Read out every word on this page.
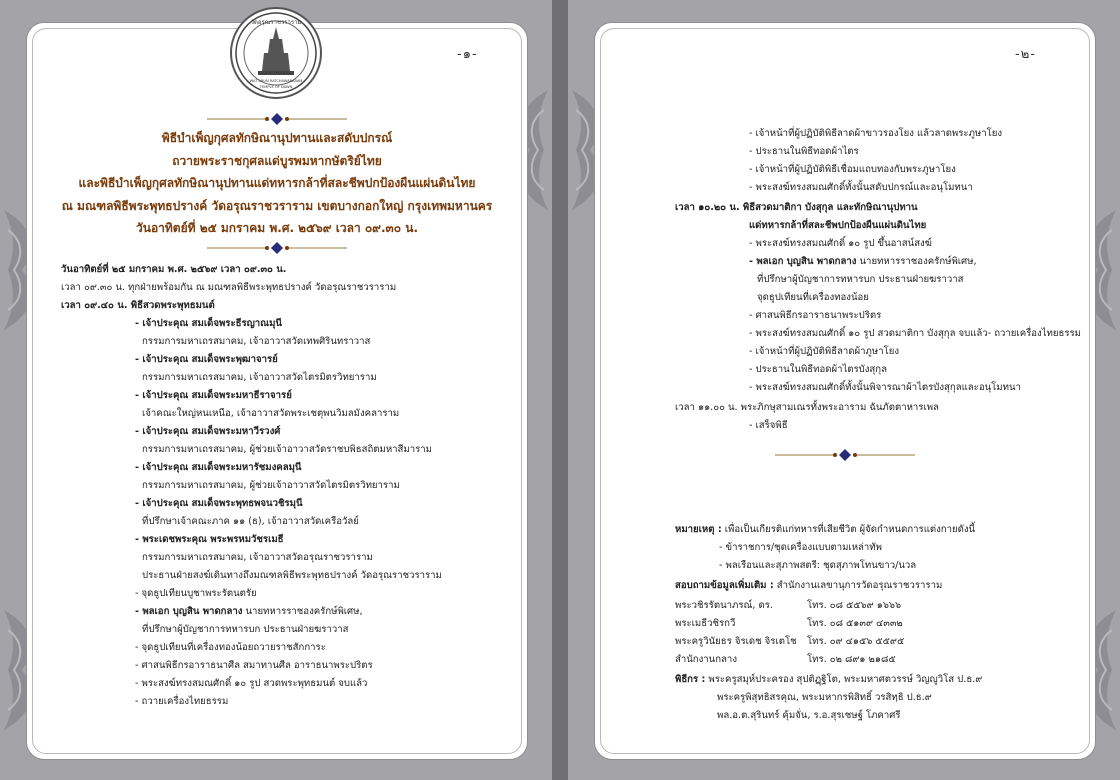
วัดอรุณราชวราราม
WAT ARUN RATCHAWARARAM
TEMPLE OF DAWN
-๑-
พิธีบำเพ็ญกุศลทักษิณานุปทานและสดับปกรณ์
ถวายพระราชกุศลแด่บูรพมหากษัตริย์ไทย
และพิธีบำเพ็ญกุศลทักษิณานุปทานแด่ทหารกล้าที่สละชีพปกป้องผืนแผ่นดินไทย
ณ มณฑลพิธีพระพุทธปรางค์ วัดอรุณราชวราราม เขตบางกอกใหญ่ กรุงเทพมหานคร
วันอาทิตย์ที่ ๒๕ มกราคม พ.ศ. ๒๕๖๙ เวลา ๐๙.๓๐ น.
วันอาทิตย์ที่ ๒๕ มกราคม พ.ศ. ๒๕๖๙ เวลา ๐๙.๓๐ น.
เวลา ๐๙.๓๐ น. ทุกฝ่ายพร้อมกัน ณ มณฑลพิธีพระพุทธปรางค์ วัดอรุณราชวราราม
เวลา ๐๙.๔๐ น. พิธีสวดพระพุทธมนต์
- เจ้าประคุณ สมเด็จพระธีรญาณมุนี
กรรมการมหาเถรสมาคม, เจ้าอาวาสวัดเทพศิรินทราวาส
- เจ้าประคุณ สมเด็จพระพุฒาจารย์
กรรมการมหาเถรสมาคม, เจ้าอาวาสวัดไตรมิตรวิทยาราม
- เจ้าประคุณ สมเด็จพระมหาธีราจารย์
เจ้าคณะใหญ่หนเหนือ, เจ้าอาวาสวัดพระเชตุพนวิมลมังคลาราม
- เจ้าประคุณ สมเด็จพระมหาวีรวงศ์
กรรมการมหาเถรสมาคม, ผู้ช่วยเจ้าอาวาสวัดราชบพิธสถิตมหาสีมาราม
- เจ้าประคุณ สมเด็จพระมหารัชมงคลมุนี
กรรมการมหาเถรสมาคม, ผู้ช่วยเจ้าอาวาสวัดไตรมิตรวิทยาราม
- เจ้าประคุณ สมเด็จพระพุทธพจนวชิรมุนี
ที่ปรึกษาเจ้าคณะภาค ๑๑ (ธ), เจ้าอาวาสวัดเครือวัลย์
- พระเดชพระคุณ พระพรหมวัชรเมธี
กรรมการมหาเถรสมาคม, เจ้าอาวาสวัดอรุณราชวราราม
ประธานฝ่ายสงฆ์เดินทางถึงมณฑลพิธีพระพุทธปรางค์ วัดอรุณราชวราราม
- จุดธูปเทียนบูชาพระรัตนตรัย
- พลเอก บุญสิน พาดกลาง นายทหารราชองครักษ์พิเศษ,
ที่ปรึกษาผู้บัญชาการทหารบก ประธานฝ่ายฆราวาส
- จุดธูปเทียนที่เครื่องทองน้อยถวายราชสักการะ
- ศาสนพิธีกรอาราธนาศีล สมาทานศีล อาราธนาพระปริตร
- พระสงฆ์ทรงสมณศักดิ์ ๑๐ รูป สวดพระพุทธมนต์ จบแล้ว
- ถวายเครื่องไทยธรรม
-๒-
- เจ้าหน้าที่ผู้ปฏิบัติพิธีลาดผ้าขาวรองโยง แล้วลาดพระภูษาโยง
- ประธานในพิธีทอดผ้าไตร
- เจ้าหน้าที่ผู้ปฏิบัติพิธีเชื่อมแถบทองกับพระภูษาโยง
- พระสงฆ์ทรงสมณศักดิ์ทั้งนั้นสดับปกรณ์และอนุโมทนา
เวลา ๑๐.๒๐ น. พิธีสวดมาติกา บังสุกุล และทักษิณานุปทาน
แด่ทหารกล้าที่สละชีพปกป้องผืนแผ่นดินไทย
- พระสงฆ์ทรงสมณศักดิ์ ๑๐ รูป ขึ้นอาสน์สงฆ์
- พลเอก บุญสิน พาดกลาง นายทหารราชองครักษ์พิเศษ,
ที่ปรึกษาผู้บัญชาการทหารบก ประธานฝ่ายฆราวาส
จุดธูปเทียนที่เครื่องทองน้อย
- ศาสนพิธีกรอาราธนาพระปริตร
- พระสงฆ์ทรงสมณศักดิ์ ๑๐ รูป สวดมาติกา บังสุกุล จบแล้ว- ถวายเครื่องไทยธรรม
- เจ้าหน้าที่ผู้ปฏิบัติพิธีลาดผ้าภูษาโยง
- ประธานในพิธีทอดผ้าไตรบังสุกุล
- พระสงฆ์ทรงสมณศักดิ์ทั้งนั้นพิจารณาผ้าไตรบังสุกุลและอนุโมทนา
เวลา ๑๑.๐๐ น. พระภิกษุสามเณรทั้งพระอาราม ฉันภัตตาหารเพล
- เสร็จพิธี
หมายเหตุ : เพื่อเป็นเกียรติแก่ทหารที่เสียชีวิต ผู้จัดกำหนดการแต่งกายดังนี้
- ข้าราชการ/ชุดเครื่องแบบตามเหล่าทัพ
- พลเรือนและสุภาพสตรี: ชุดสุภาพโทนขาว/นวล
สอบถามข้อมูลเพิ่มเติม : สำนักงานเลขานุการวัดอรุณราชวราราม
พระวชิรรัตนาภรณ์, ดร.	โทร. ๐๘ ๕๕๖๙ ๑๖๖๖
พระเมธีวชิรกวี	โทร. ๐๘ ๕๑๓๙ ๔๓๓๒
พระครูวินัยธร จิรเดช จิรเตโช โทร. ๐๙ ๔๑๕๖ ๕๕๙๕
สำนักงานกลาง	โทร. ๐๒ ๘๙๑ ๒๑๘๕
พิธีกร : พระครูสมุห์ประครอง สุปติฏฺฐิโต, พระมหาศตวรรษ์ วิญญูวิโส ป.ธ.๙
พระครูพิสุทธิสรคุณ, พระมหากรพิสิทธิ์ วรสิทฺธิ ป.ธ.๙
พล.อ.ต.สุรินทร์ คุ้มจั่น, ร.อ.สุรเชษฐ์ โภคาศรี
